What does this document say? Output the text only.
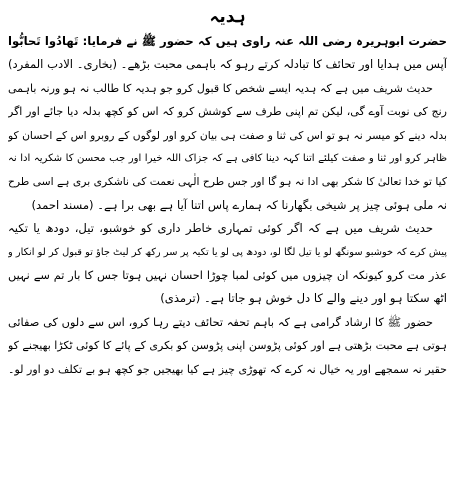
ہدیہ
حضرت ابوہریرہ رضی اللہ عنہ راوی ہیں کہ حضور ﷺ نے فرمایا: تَھادُوا تَحابُّوا
آپس میں ہدایا اور تحائف کا تبادلہ کرتے رہو کہ باہمی محبت بڑھے۔ (بخاری۔ الادب المفرد)
حدیث شریف میں ہے کہ ہدیہ ایسے شخص کا قبول کرو جو ہدیہ کا طالب نہ ہو ورنہ باہمی
رنج کی نوبت آوے گی، لیکن تم اپنی طرف سے کوشش کرو کہ اس کو کچھ بدلہ دیا جائے اور اگر
بدلہ دینے کو میسر نہ ہو تو اس کی ثنا و صفت ہی بیان کرو اور لوگوں کے روبرو اس کے احسان کو
ظاہر کرو اور ثنا و صفت کیلئے اتنا کہہ دینا کافی ہے کہ جزاک اللہ خیرا اور جب محسن کا شکریہ ادا نہ
کیا تو خدا تعالیٰ کا شکر بھی ادا نہ ہو گا اور جس طرح الٰہی نعمت کی ناشکری بری ہے اسی طرح
نہ ملی ہوئی چیز پر شیخی بگھارنا کہ ہمارے پاس اتنا آیا ہے بھی برا ہے۔ (مسند احمد)
حدیث شریف میں ہے کہ اگر کوئی تمہاری خاطر داری کو خوشبو، تیل، دودھ یا تکیہ
پیش کرے کہ خوشبو سونگھ لو یا تیل لگا لو، دودھ پی لو یا تکیہ پر سر رکھ کر لیٹ جاؤ تو قبول کر لو انکار و
عذر مت کرو کیونکہ ان چیزوں میں کوئی لمبا چوڑا احسان نہیں ہوتا جس کا بار تم سے نہیں
اٹھ سکتا ہو اور دینے والے کا دل خوش ہو جاتا ہے۔ (ترمذی)
حضور ﷺ کا ارشاد گرامی ہے کہ باہم تحفہ تحائف دیتے رہا کرو، اس سے دلوں کی صفائی
ہوتی ہے محبت بڑھتی ہے اور کوئی پڑوسن اپنی پڑوسن کو بکری کے پائے کا کوئی ٹکڑا بھیجنے کو
حقیر نہ سمجھے اور یہ خیال نہ کرے کہ تھوڑی چیز ہے کیا بھیجیں جو کچھ ہو بے تکلف دو اور لو۔
